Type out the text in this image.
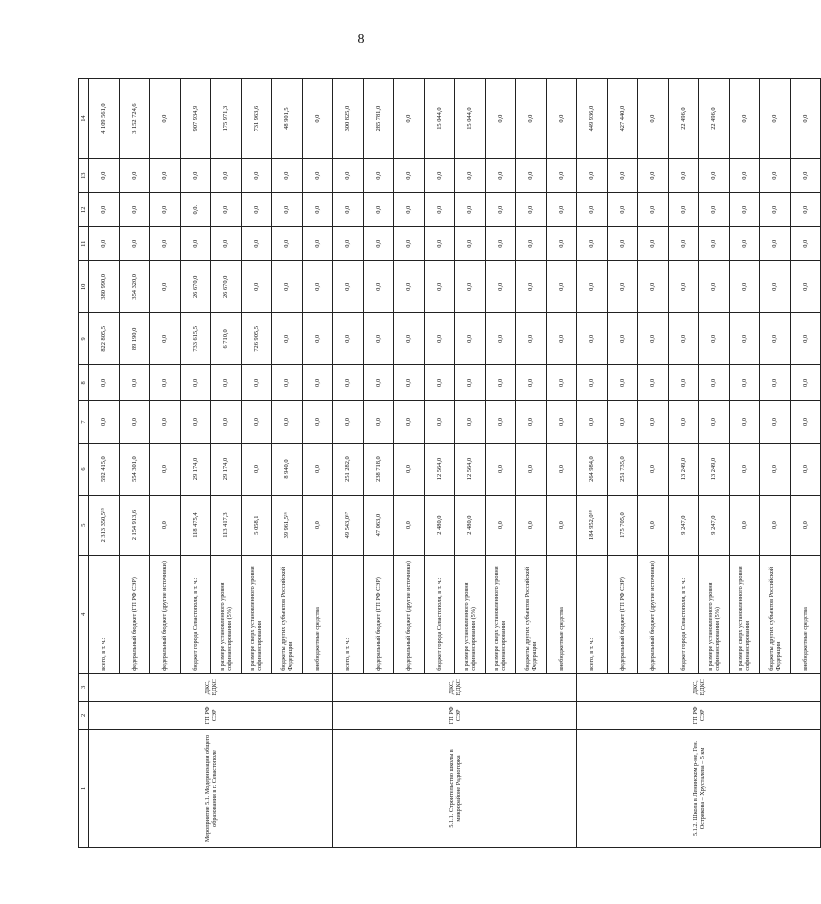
8
1	2	3	4	5	6	7	8	9	10	11	12	13	14
Мероприятие 5.1. Модернизация общего образования в г. Севастополе	ГП РФ СЭР	ДКС, ЕДКС	всего, в т. ч.:	2 313 350,5¹⁵	592 415,0	0,0	0,0	822 805,5	380 990,0	0,0	0,0	0,0	4 109 561,0
			федеральный бюджет (ГП РФ СЭР)	2 154 913,6	554 301,0	0,0	0,0	89 190,0	354 320,0	0,0	0,0	0,0	3 152 724,6
			федеральный бюджет (другие источники)	0,0	0,0	0,0	0,0	0,0	0,0	0,0	0,0	0,0	0,0
			бюджет города Севастополя, в т. ч.:	118 475,4	29 174,0	0,0	0,0	733 615,5	26 670,0	0,0	0,0.	0,0	907 934,9
			в размере установленного уровня софинансирования (5%)	113 417,3	29 174,0	0,0	0,0	6 710,0	26 670,0	0,0	0,0	0,0	175 971,3
			в размере сверх установленного уровня софинансирования	5 058,1	0,0	0,0	0,0	726 905,5	0,0	0,0	0,0	0,0	731 963,6
			бюджеты других субъектов Российской Федерации	39 961,5¹⁶	8 940,0	0,0	0,0	0,0	0,0	0,0	0,0	0,0	48 901,5
			внебюджетные средства	0,0	0,0	0,0	0,0	0,0	0,0	0,0	0,0	0,0	0,0
5.1.1. Строительство школы в микрорайоне Радиогорка	ГП РФ СЭР	ДКС, ЕДКС	всего, в т. ч.:	49 543,0¹⁷	251 282,0	0,0	0,0	0,0	0,0	0,0	0,0	0,0	300 825,0
			федеральный бюджет (ГП РФ СЭР)	47 063,0	238 718,0	0,0	0,0	0,0	0,0	0,0	0,0	0,0	285 781,0
			федеральный бюджет (другие источники)	0,0	0,0	0,0	0,0	0,0	0,0	0,0	0,0	0,0	0,0
			бюджет города Севастополя, в т. ч.:	2 480,0	12 564,0	0,0	0,0	0,0	0,0	0,0	0,0	0,0	15 044,0
			в размере установленного уровня софинансирования (5%)	2 480,0	12 564,0	0,0	0,0	0,0	0,0	0,0	0,0	0,0	15 044,0
			в размере сверх установленного уровня софинансирования	0,0	0,0	0,0	0,0	0,0	0,0	0,0	0,0	0,0	0,0
			бюджеты других субъектов Российской Федерации	0,0	0,0	0,0	0,0	0,0	0,0	0,0	0,0	0,0	0,0
			внебюджетные средства	0,0	0,0	0,0	0,0	0,0	0,0	0,0	0,0	0,0	0,0
5.1.2. Школа в Ленинском р-не, Ген. Острякова – Хрусталева – 5 км	ГП РФ СЭР	ДКС, ЕДКС	всего, в т. ч.:	184 952,0¹⁸	264 984,0	0,0	0,0	0,0	0,0	0,0	0,0	0,0	449 936,0
			федеральный бюджет (ГП РФ СЭР)	175 705,0	251 735,0	0,0	0,0	0,0	0,0	0,0	0,0	0,0	427 440,0
			федеральный бюджет (другие источники)	0,0	0,0	0,0	0,0	0,0	0,0	0,0	0,0	0,0	0,0
			бюджет города Севастополя, в т. ч.:	9 247,0	13 249,0	0,0	0,0	0,0	0,0	0,0	0,0	0,0	22 496,0
			в размере установленного уровня софинансирования (5%)	9 247,0	13 249,0	0,0	0,0	0,0	0,0	0,0	0,0	0,0	22 496,0
			в размере сверх установленного уровня софинансирования	0,0	0,0	0,0	0,0	0,0	0,0	0,0	0,0	0,0	0,0
			бюджеты других субъектов Российской Федерации	0,0	0,0	0,0	0,0	0,0	0,0	0,0	0,0	0,0	0,0
			внебюджетные средства	0,0	0,0	0,0	0,0	0,0	0,0	0,0	0,0	0,0	0,0
